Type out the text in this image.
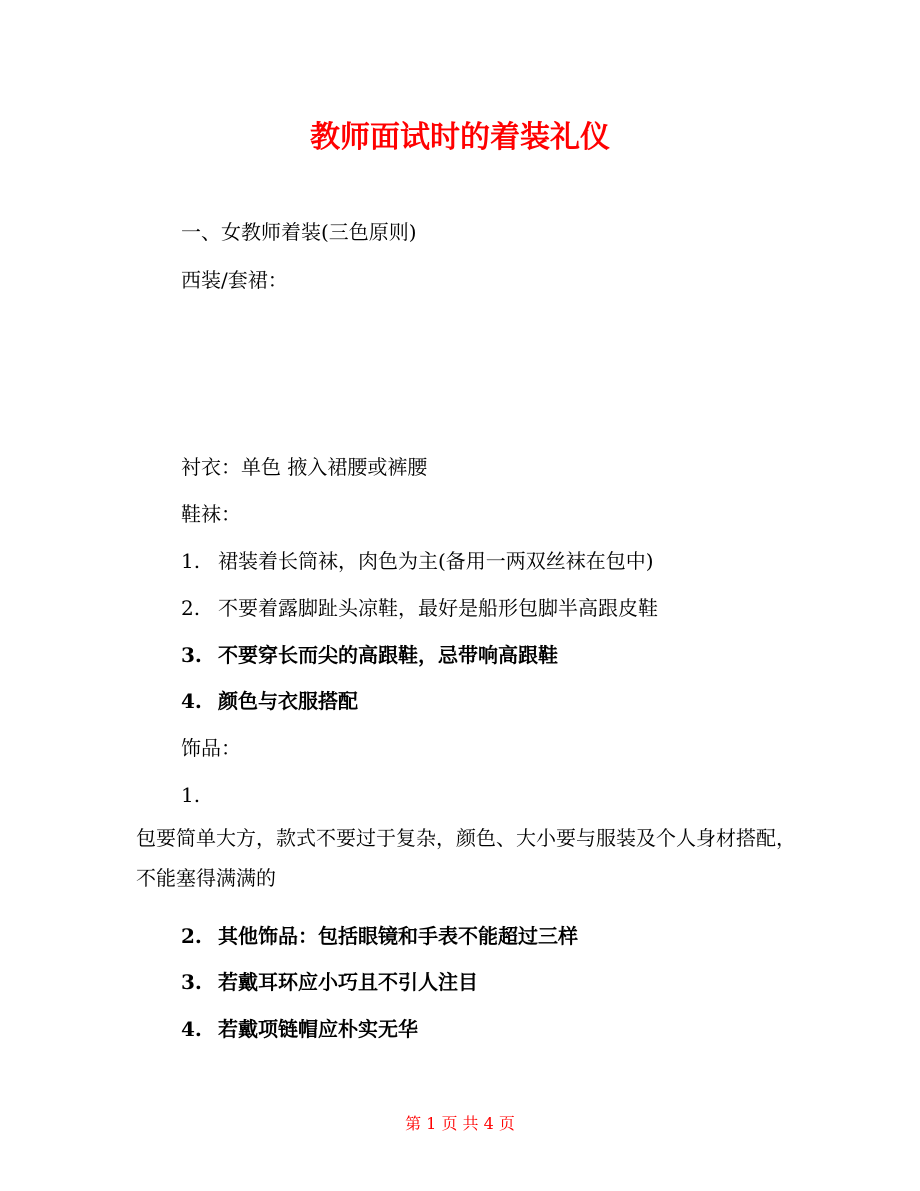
教师面试时的着装礼仪
一、女教师着装(三色原则)
西装/套裙：
衬衣：单色 掖入裙腰或裤腰
鞋袜：
1. 裙装着长筒袜，肉色为主(备用一两双丝袜在包中)
2. 不要着露脚趾头凉鞋，最好是船形包脚半高跟皮鞋
3. 不要穿长而尖的高跟鞋，忌带响高跟鞋
4. 颜色与衣服搭配
饰品：
1.
包要简单大方，款式不要过于复杂，颜色、大小要与服装及个人身材搭配，不能塞得满满的
2. 其他饰品：包括眼镜和手表不能超过三样
3. 若戴耳环应小巧且不引人注目
4. 若戴项链帽应朴实无华
第 1 页 共 4 页
